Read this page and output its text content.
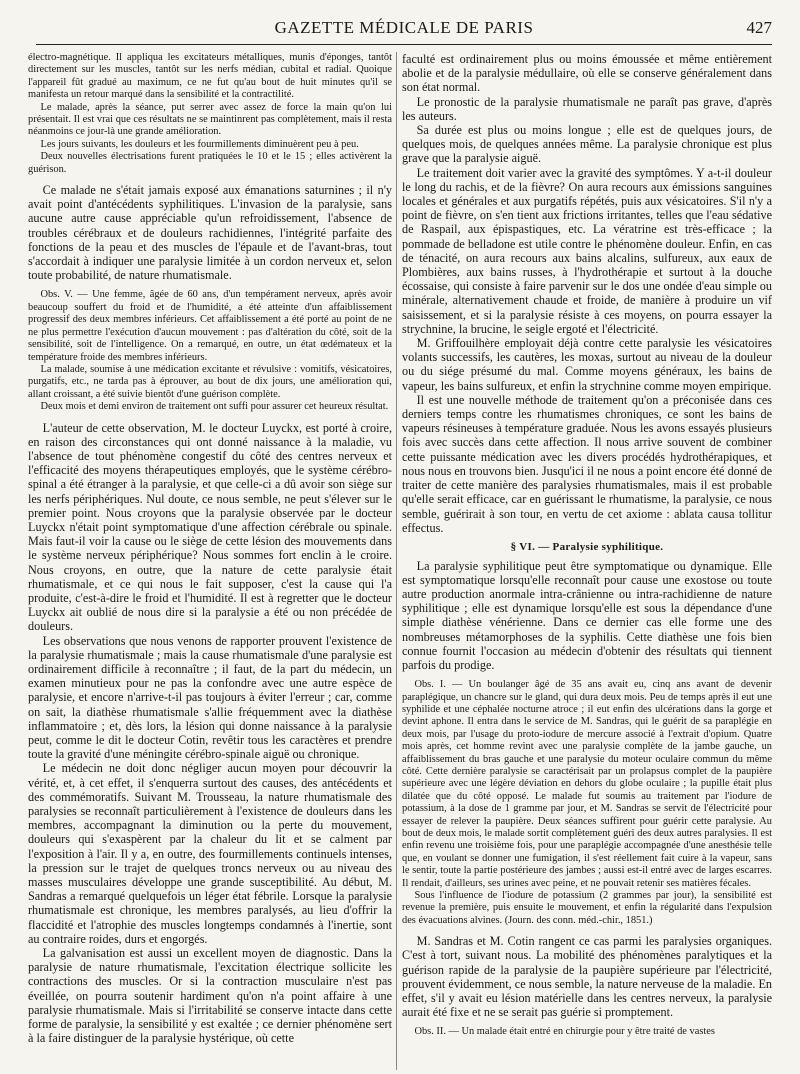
GAZETTE MÉDICALE DE PARIS	427

électro-magnétique. Il appliqua les excitateurs métalliques, munis d'éponges, tantôt directement sur les muscles, tantôt sur les nerfs médian, cubital et radial. Quoique l'appareil fût gradué au maximum, ce ne fut qu'au bout de huit minutes qu'il se manifesta un retour marqué dans la sensibilité et la contractilité.

Le malade, après la séance, put serrer avec assez de force la main qu'on lui présentait. Il est vrai que ces résultats ne se maintinrent pas complètement, mais il resta néanmoins ce jour-là une grande amélioration.

Les jours suivants, les douleurs et les fourmillements diminuèrent peu à peu.

Deux nouvelles électrisations furent pratiquées le 10 et le 15 ; elles activèrent la guérison.

Ce malade ne s'était jamais exposé aux émanations saturnines ; il n'y avait point d'antécédents syphilitiques. L'invasion de la paralysie, sans aucune autre cause appréciable qu'un refroidissement, l'absence de troubles cérébraux et de douleurs rachidiennes, l'intégrité parfaite des fonctions de la peau et des muscles de l'épaule et de l'avant-bras, tout s'accordait à indiquer une paralysie limitée à un cordon nerveux et, selon toute probabilité, de nature rhumatismale.

Obs. V. — Une femme, âgée de 60 ans, d'un tempérament nerveux, après avoir beaucoup souffert du froid et de l'humidité, a été atteinte d'un affaiblissement progressif des deux membres inférieurs. Cet affaiblissement a été porté au point de ne ne plus permettre l'exécution d'aucun mouvement : pas d'altération du côté, soit de la sensibilité, soit de l'intelligence. On a remarqué, en outre, un état œdémateux et la température froide des membres inférieurs.

La malade, soumise à une médication excitante et révulsive : vomitifs, vésicatoires, purgatifs, etc., ne tarda pas à éprouver, au bout de dix jours, une amélioration qui, allant croissant, a été suivie bientôt d'une guérison complète.

Deux mois et demi environ de traitement ont suffi pour assurer cet heureux résultat.

L'auteur de cette observation, M. le docteur Luyckx, est porté à croire, en raison des circonstances qui ont donné naissance à la maladie, vu l'absence de tout phénomène congestif du côté des centres nerveux et l'efficacité des moyens thérapeutiques employés, que le système cérébro-spinal a été étranger à la paralysie, et que celle-ci a dû avoir son siège sur les nerfs périphériques. Nul doute, ce nous semble, ne peut s'élever sur le premier point. Nous croyons que la paralysie observée par le docteur Luyckx n'était point symptomatique d'une affection cérébrale ou spinale. Mais faut-il voir la cause ou le siège de cette lésion des mouvements dans le système nerveux périphérique? Nous sommes fort enclin à le croire. Nous croyons, en outre, que la nature de cette paralysie était rhumatismale, et ce qui nous le fait supposer, c'est la cause qui l'a produite, c'est-à-dire le froid et l'humidité. Il est à regretter que le docteur Luyckx ait oublié de nous dire si la paralysie a été ou non précédée de douleurs.

Les observations que nous venons de rapporter prouvent l'existence de la paralysie rhumatismale ; mais la cause rhumatismale d'une paralysie est ordinairement difficile à reconnaître ; il faut, de la part du médecin, un examen minutieux pour ne pas la confondre avec une autre espèce de paralysie, et encore n'arrive-t-il pas toujours à éviter l'erreur ; car, comme on sait, la diathèse rhumatismale s'allie fréquemment avec la diathèse inflammatoire ; et, dès lors, la lésion qui donne naissance à la paralysie peut, comme le dit le docteur Cotin, revêtir tous les caractères et prendre toute la gravité d'une méningite cérébro-spinale aiguë ou chronique.

Le médecin ne doit donc négliger aucun moyen pour découvrir la vérité, et, à cet effet, il s'enquerra surtout des causes, des antécédents et des commémoratifs. Suivant M. Trousseau, la nature rhumatismale des paralysies se reconnaît particulièrement à l'existence de douleurs dans les membres, accompagnant la diminution ou la perte du mouvement, douleurs qui s'exaspèrent par la chaleur du lit et se calment par l'exposition à l'air. Il y a, en outre, des fourmillements continuels intenses, la pression sur le trajet de quelques troncs nerveux ou au niveau des masses musculaires développe une grande susceptibilité. Au début, M. Sandras a remarqué quelquefois un léger état fébrile. Lorsque la paralysie rhumatismale est chronique, les membres paralysés, au lieu d'offrir la flaccidité et l'atrophie des muscles longtemps condamnés à l'inertie, sont au contraire roides, durs et engorgés.

La galvanisation est aussi un excellent moyen de diagnostic. Dans la paralysie de nature rhumatismale, l'excitation électrique sollicite les contractions des muscles. Or si la contraction musculaire n'est pas éveillée, on pourra soutenir hardiment qu'on n'a point affaire à une paralysie rhumatismale. Mais si l'irritabilité se conserve intacte dans cette forme de paralysie, la sensibilité y est exaltée ; ce dernier phénomène sert à la faire distinguer de la paralysie hystérique, où cette

faculté est ordinairement plus ou moins émoussée et même entièrement abolie et de la paralysie médullaire, où elle se conserve généralement dans son état normal.

Le pronostic de la paralysie rhumatismale ne paraît pas grave, d'après les auteurs.

Sa durée est plus ou moins longue ; elle est de quelques jours, de quelques mois, de quelques années même. La paralysie chronique est plus grave que la paralysie aiguë.

Le traitement doit varier avec la gravité des symptômes. Y a-t-il douleur le long du rachis, et de la fièvre? On aura recours aux émissions sanguines locales et générales et aux purgatifs répétés, puis aux vésicatoires. S'il n'y a point de fièvre, on s'en tient aux frictions irritantes, telles que l'eau sédative de Raspail, aux épispastiques, etc. La vératrine est très-efficace ; la pommade de belladone est utile contre le phénomène douleur. Enfin, en cas de ténacité, on aura recours aux bains alcalins, sulfureux, aux eaux de Plombières, aux bains russes, à l'hydrothérapie et surtout à la douche écossaise, qui consiste à faire parvenir sur le dos une ondée d'eau simple ou minérale, alternativement chaude et froide, de manière à produire un vif saisissement, et si la paralysie résiste à ces moyens, on pourra essayer la strychnine, la brucine, le seigle ergoté et l'électricité.

M. Griffouilhère employait déjà contre cette paralysie les vésicatoires volants successifs, les cautères, les moxas, surtout au niveau de la douleur ou du siége présumé du mal. Comme moyens généraux, les bains de vapeur, les bains sulfureux, et enfin la strychnine comme moyen empirique.

Il est une nouvelle méthode de traitement qu'on a préconisée dans ces derniers temps contre les rhumatismes chroniques, ce sont les bains de vapeurs résineuses à température graduée. Nous les avons essayés plusieurs fois avec succès dans cette affection. Il nous arrive souvent de combiner cette puissante médication avec les divers procédés hydrothérapiques, et nous nous en trouvons bien. Jusqu'ici il ne nous a point encore été donné de traiter de cette manière des paralysies rhumatismales, mais il est probable qu'elle serait efficace, car en guérissant le rhumatisme, la paralysie, ce nous semble, guérirait à son tour, en vertu de cet axiome : ablata causa tollitur effectus.

§ VI. — Paralysie syphilitique.

La paralysie syphilitique peut être symptomatique ou dynamique. Elle est symptomatique lorsqu'elle reconnaît pour cause une exostose ou toute autre production anormale intra-crânienne ou intra-rachidienne de nature syphilitique ; elle est dynamique lorsqu'elle est sous la dépendance d'une simple diathèse vénérienne. Dans ce dernier cas elle forme une des nombreuses métamorphoses de la syphilis. Cette diathèse une fois bien connue fournit l'occasion au médecin d'obtenir des résultats qui tiennent parfois du prodige.

Obs. I. — Un boulanger âgé de 35 ans avait eu, cinq ans avant de devenir paraplégique, un chancre sur le gland, qui dura deux mois. Peu de temps après il eut une syphilide et une céphalée nocturne atroce ; il eut enfin des ulcérations dans la gorge et devint aphone. Il entra dans le service de M. Sandras, qui le guérit de sa paraplégie en deux mois, par l'usage du proto-iodure de mercure associé à l'extrait d'opium. Quatre mois après, cet homme revint avec une paralysie complète de la jambe gauche, un affaiblissement du bras gauche et une paralysie du moteur oculaire commun du même côté. Cette dernière paralysie se caractérisait par un prolapsus complet de la paupière supérieure avec une légère déviation en dehors du globe oculaire ; la pupille était plus dilatée que du côté opposé. Le malade fut soumis au traitement par l'iodure de potassium, à la dose de 1 gramme par jour, et M. Sandras se servit de l'électricité pour essayer de relever la paupière. Deux séances suffirent pour guérir cette paralysie. Au bout de deux mois, le malade sortit complètement guéri des deux autres paralysies. Il est enfin revenu une troisième fois, pour une paraplégie accompagnée d'une anesthésie telle que, en voulant se donner une fumigation, il s'est réellement fait cuire à la vapeur, sans le sentir, toute la partie postérieure des jambes ; aussi est-il entré avec de larges escarres. Il rendait, d'ailleurs, ses urines avec peine, et ne pouvait retenir ses matières fécales.

Sous l'influence de l'iodure de potassium (2 grammes par jour), la sensibilité est revenue la première, puis ensuite le mouvement, et enfin la régularité dans l'expulsion des évacuations alvines. (Journ. des conn. méd.-chir., 1851.)

M. Sandras et M. Cotin rangent ce cas parmi les paralysies organiques. C'est à tort, suivant nous. La mobilité des phénomènes paralytiques et la guérison rapide de la paralysie de la paupière supérieure par l'électricité, prouvent évidemment, ce nous semble, la nature nerveuse de la maladie. En effet, s'il y avait eu lésion matérielle dans les centres nerveux, la paralysie aurait été fixe et ne se serait pas guérie si promptement.

Obs. II. — Un malade était entré en chirurgie pour y être traité de vastes
